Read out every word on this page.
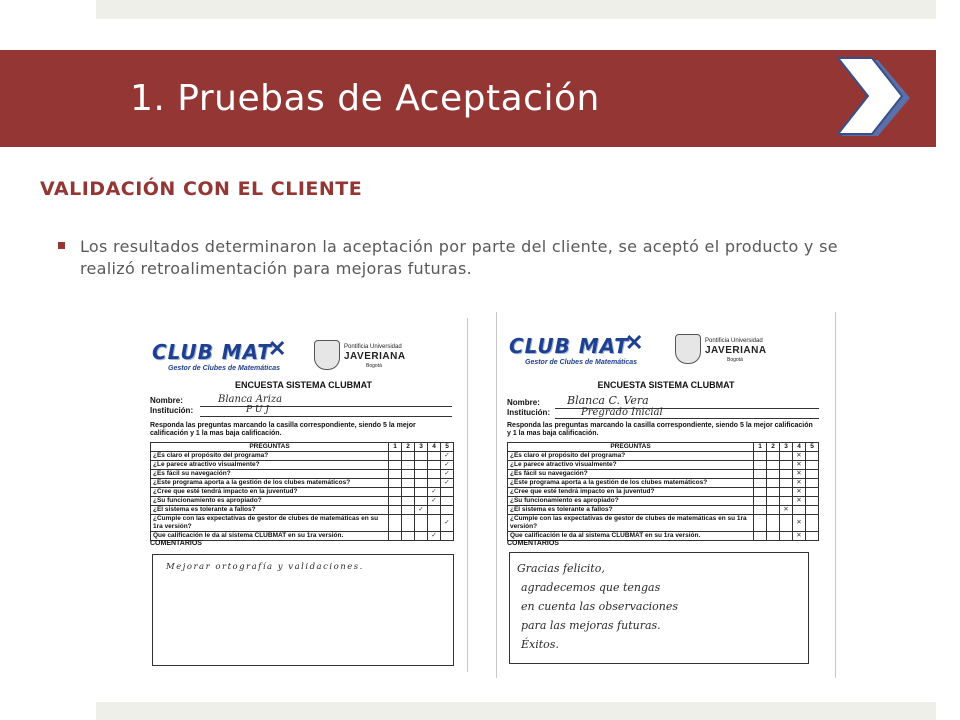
1. Pruebas de Aceptación
VALIDACIÓN CON EL CLIENTE

Los resultados determinaron la aceptación por parte del cliente, se aceptó el producto y se realizó retroalimentación para mejoras futuras.

CLUB MAT
✕
Gestor de Clubes de Matemáticas
Pontificia Universidad
JAVERIANA
Bogotá
ENCUESTA SISTEMA CLUBMAT
Nombre:	Blanca Ariza
Institución:	P U J
Responda las preguntas marcando la casilla correspondiente, siendo 5 la mejor calificación y 1 la mas baja calificación.
PREGUNTAS	1	2	3	4	5
¿Es claro el propósito del programa?					✓
¿Le parece atractivo visualmente?					✓
¿Es fácil su navegación?					✓
¿Este programa aporta a la gestión de los clubes matemáticos?					✓
¿Cree que esté tendrá impacto en la juventud?				✓	
¿Su funcionamiento es apropiado?				✓	
¿El sistema es tolerante a fallos?			✓		
¿Cumple con las expectativas de gestor de clubes de matemáticas en su 1ra versión?					✓
Que calificación le da al sistema CLUBMAT en su 1ra versión.				✓	
COMENTARIOS
Mejorar ortografía y validaciones.
CLUB MAT
✕
Gestor de Clubes de Matemáticas
Pontificia Universidad
JAVERIANA
Bogotá
ENCUESTA SISTEMA CLUBMAT
Nombre: Blanca C. Vera
Institución:	Pregrado Inicial
Responda las preguntas marcando la casilla correspondiente, siendo 5 la mejor calificación y 1 la mas baja calificación.
PREGUNTAS	1	2	3	4	5
¿Es claro el propósito del programa?				✕	
¿Le parece atractivo visualmente?				✕	
¿Es fácil su navegación?				✕	
¿Este programa aporta a la gestión de los clubes matemáticos?				✕	
¿Cree que esté tendrá impacto en la juventud?				✕	
¿Su funcionamiento es apropiado?				✕	
¿El sistema es tolerante a fallos?			✕		
¿Cumple con las expectativas de gestor de clubes de matemáticas en su 1ra versión?				✕	
Que calificación le da al sistema CLUBMAT en su 1ra versión.				✕	
COMENTARIOS
Gracias felicito,
agradecemos que tengas
en cuenta las observaciones
para las mejoras futuras.
Éxitos.
